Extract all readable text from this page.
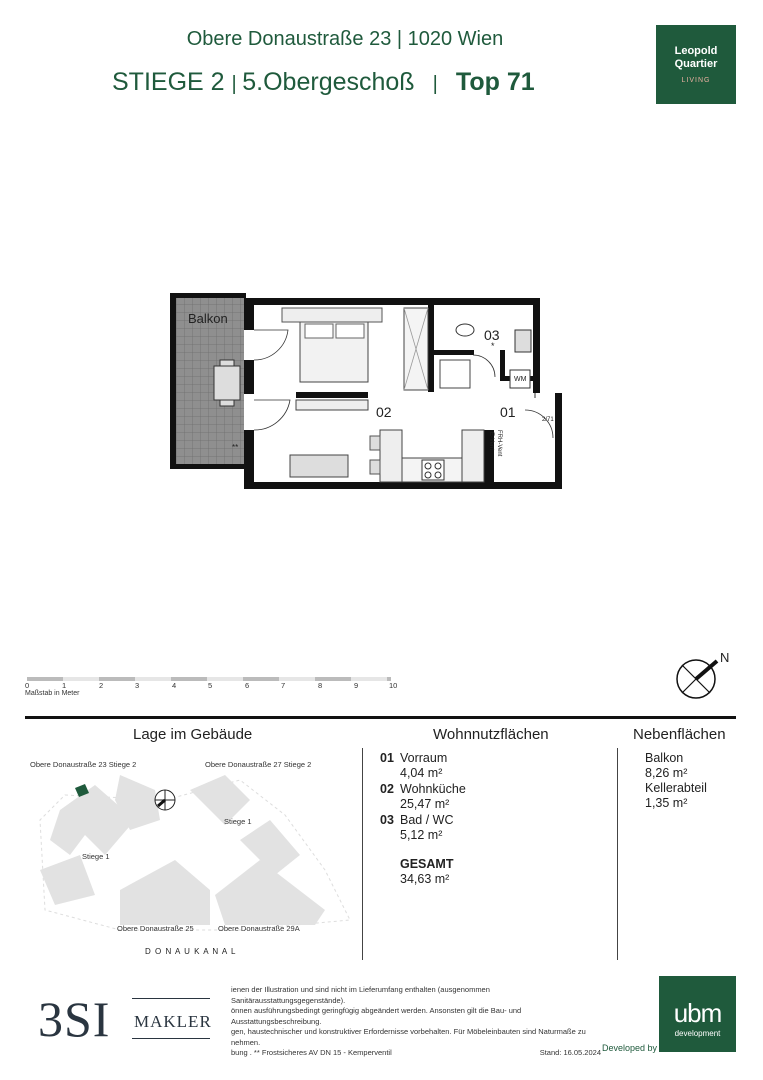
Obere Donaustraße 23 | 1020 Wien
STIEGE 2 | 5.Obergeschoß   |   Top 71
Leopold
Quartier
LIVING
Balkon
03
*
02	01
WM
2/71
**	FRH-Vent
E-Vent
0	1	2	3	4	5	6	7	8	9	10
Maßstab in Meter
N
Lage im Gebäude
Obere Donaustraße 23 Stiege 2	Obere Donaustraße 27 Stiege 2
Stiege 1
Stiege 1
Obere Donaustraße 25	Obere Donaustraße 29A
D O N A U K A N A L
Wohnnutzflächen
01 Vorraum
4,04 m²
02 Wohnküche
25,47 m²
03 Bad / WC
5,12 m²
GESAMT
34,63 m²
Nebenflächen
Balkon
8,26 m²
Kellerabteil
1,35 m²
3SI MAKLER
ienen der Illustration und sind nicht im Lieferumfang enthalten (ausgenommen Sanitärausstattungsgegenstände).
önnen ausführungsbedingt geringfügig abgeändert werden. Ansonsten gilt die Bau- und Ausstattungsbeschreibung.
gen, haustechnischer und konstruktiver Erfordernisse vorbehalten. Für Möbeleinbauten sind Naturmaße zu nehmen.
bung . ** Frostsicheres AV DN 15 - Kemperventil	Stand: 16.05.2024 Developed by
ubm
development
